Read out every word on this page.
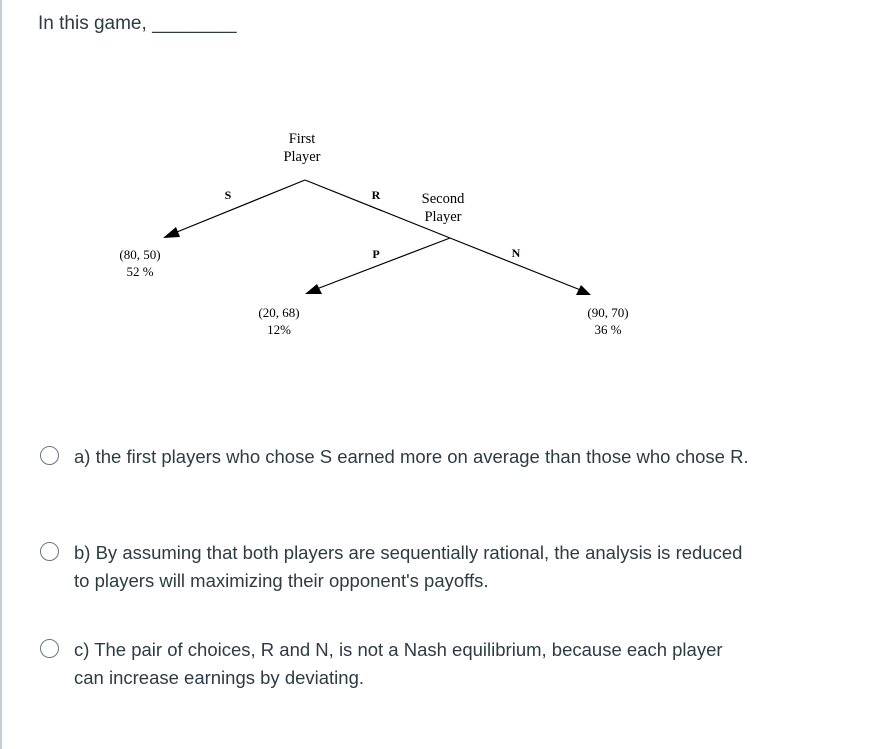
In this game, ________
First
Player
Second
Player
S	R
P	N
(80, 50)
52 %
(20, 68)
12%
(90, 70)
36 %
a) the first players who chose S earned more on average than those who chose R.
b) By assuming that both players are sequentially rational, the analysis is reduced to players will maximizing their opponent's payoffs.
c) The pair of choices, R and N, is not a Nash equilibrium, because each player can increase earnings by deviating.
